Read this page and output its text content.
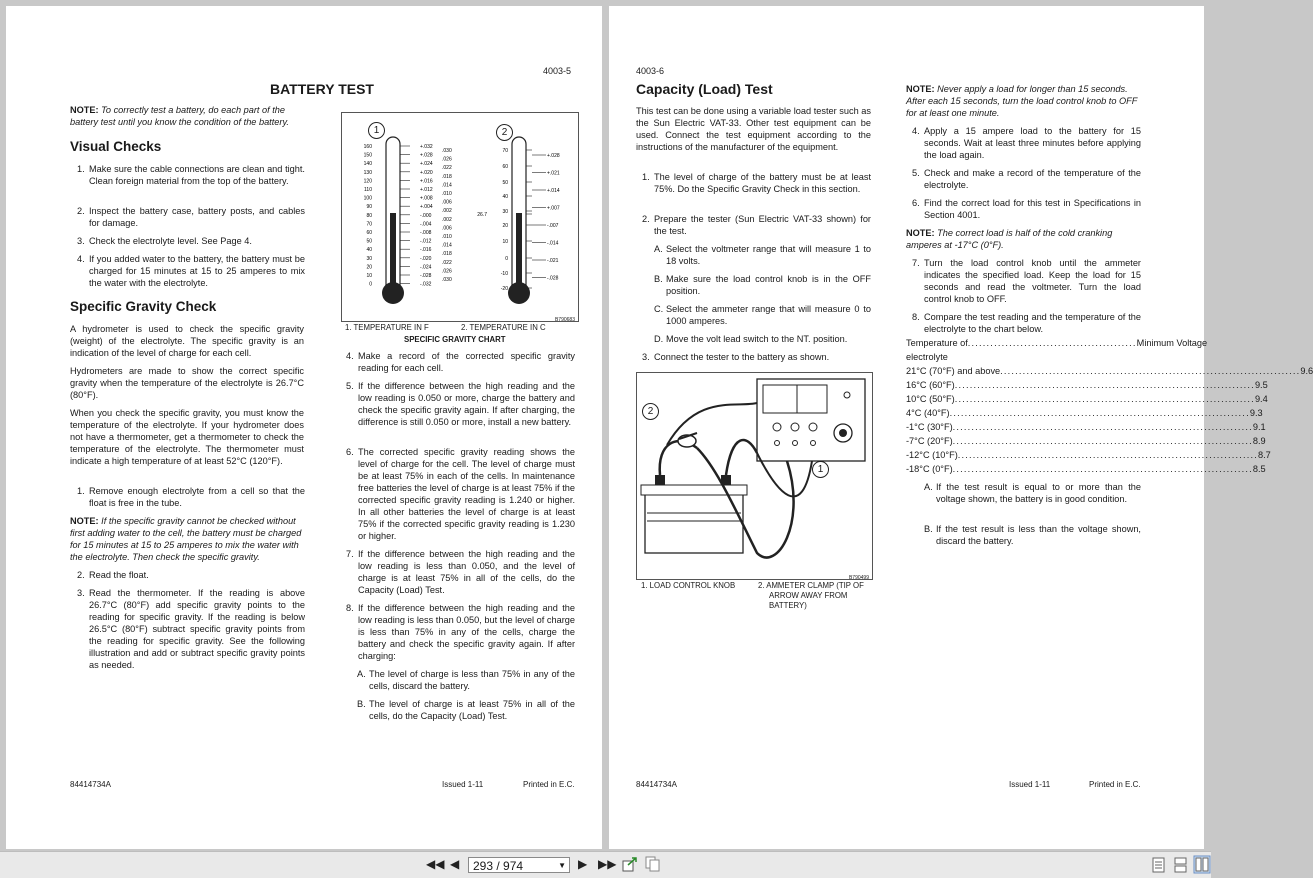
4003-5
BATTERY TEST
NOTE: To correctly test a battery, do each part of the battery test until you know the condition of the battery.
Visual Checks
1. Make sure the cable connections are clean and tight. Clean foreign material from the top of the battery.
2. Inspect the battery case, battery posts, and cables for damage.
3. Check the electrolyte level. See Page 4.
4. If you added water to the battery, the battery must be charged for 15 minutes at 15 to 25 amperes to mix the water with the electrolyte.
Specific Gravity Check
A hydrometer is used to check the specific gravity (weight) of the electrolyte. The specific gravity is an indication of the level of charge for each cell.
Hydrometers are made to show the correct specific gravity when the temperature of the electrolyte is 26.7°C (80°F).
When you check the specific gravity, you must know the temperature of the electrolyte. If your hydrometer does not have a thermometer, get a thermometer to check the temperature of the electrolyte. The thermometer must indicate a high temperature of at least 52°C (120°F).
1. Remove enough electrolyte from a cell so that the float is free in the tube.
NOTE: If the specific gravity cannot be checked without first adding water to the cell, the battery must be charged for 15 minutes at 15 to 25 amperes to mix the water with the electrolyte. Then check the specific gravity.
2. Read the float.
3. Read the thermometer. If the reading is above 26.7°C (80°F) add specific gravity points to the reading for specific gravity. If the reading is below 26.5°C (80°F) subtract specific gravity points from the reading for specific gravity. See the following illustration and add or subtract specific gravity points as needed.
160
150
140
130
120
110
100
90
80
70
60
50
40
30
20
10
0
+.032
+.028
+.024
+.020
+.016
+.012
+.008
+.004
-.000
-.004
-.008
-.012
-.016
-.020
-.024
-.028
-.032
.030
.026
.022
.018
.014
.010
.006
.002
.002
.006
.010
.014
.018
.022
.026
.030
70
60
50
40
30
26.7
20
10
0
-10
-20
+.028
+.021
+.014
+.007
-.007
-.014
-.021
-.028
1	2
B790683
1. TEMPERATURE IN F	2. TEMPERATURE IN C
SPECIFIC GRAVITY CHART
4. Make a record of the corrected specific gravity reading for each cell.
5. If the difference between the high reading and the low reading is 0.050 or more, charge the battery and check the specific gravity again. If after charging, the difference is still 0.050 or more, install a new battery.
6. The corrected specific gravity reading shows the level of charge for the cell. The level of charge must be at least 75% in each of the cells. In maintenance free batteries the level of charge is at least 75% if the corrected specific gravity reading is 1.240 or higher. In all other batteries the level of charge is at least 75% if the corrected specific gravity reading is 1.230 or higher.
7. If the difference between the high reading and the low reading is less than 0.050, and the level of charge is at least 75% in all of the cells, do the Capacity (Load) Test.
8. If the difference between the high reading and the low reading is less than 0.050, but the level of charge is less than 75% in any of the cells, charge the battery and check the specific gravity again. If after charging:
A. The level of charge is less than 75% in any of the cells, discard the battery.
B. The level of charge is at least 75% in all of the cells, do the Capacity (Load) Test.
84414734A	Issued 1-11	Printed in E.C.
4003-6
Capacity (Load) Test
This test can be done using a variable load tester such as the Sun Electric VAT-33. Other test equipment can be used. Connect the test equipment according to the instructions of the manufacturer of the equipment.
1. The level of charge of the battery must be at least 75%. Do the Specific Gravity Check in this section.
2. Prepare the tester (Sun Electric VAT-33 shown) for the test.
A. Select the voltmeter range that will measure 1 to 18 volts.
B. Make sure the load control knob is in the OFF position.
C. Select the ammeter range that will measure 0 to 1000 amperes.
D. Move the volt lead switch to the NT. position.
3. Connect the tester to the battery as shown.
2
1
B790499
1. LOAD CONTROL KNOB	2. AMMETER CLAMP (TIP OF
ARROW AWAY FROM
BATTERY)
NOTE: Never apply a load for longer than 15 seconds. After each 15 seconds, turn the load control knob to OFF for at least one minute.
4. Apply a 15 ampere load to the battery for 15 seconds. Wait at least three minutes before applying the load again.
5. Check and make a record of the temperature of the electrolyte.
6. Find the correct load for this test in Specifications in Section 4001.
NOTE: The correct load is half of the cold cranking amperes at -17°C (0°F).
7. Turn the load control knob until the ammeter indicates the specified load. Keep the load for 15 seconds and read the voltmeter. Turn the load control knob to OFF.
8. Compare the test reading and the temperature of the electrolyte to the chart below.
Temperature of ............................................. Minimum Voltage
electrolyte
21°C (70°F) and above ................................................................................ 9.6
16°C (60°F) ................................................................................ 9.5
10°C (50°F) ................................................................................ 9.4
4°C (40°F) ................................................................................ 9.3
-1°C (30°F) ................................................................................ 9.1
-7°C (20°F) ................................................................................ 8.9
-12°C (10°F) ................................................................................ 8.7
-18°C (0°F) ................................................................................ 8.5
A. If the test result is equal to or more than the voltage shown, the battery is in good condition.
B. If the test result is less than the voltage shown, discard the battery.
84414734A	Issued 1-11	Printed in E.C.
◀◀ ◀	293 / 974	▼ ▶ ▶▶
